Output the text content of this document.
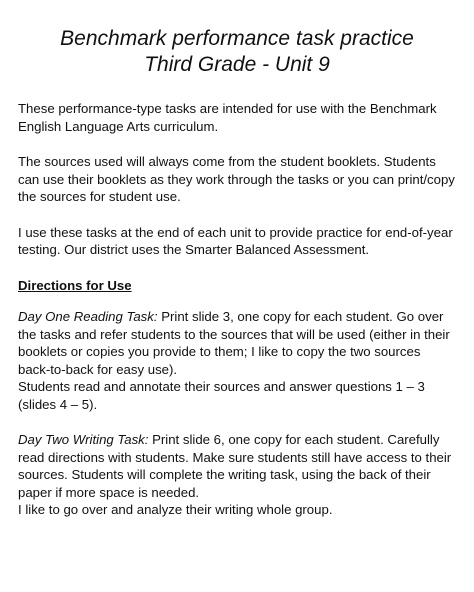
Benchmark performance task practice
Third Grade - Unit 9

These performance-type tasks are intended for use with the Benchmark English Language Arts curriculum.

The sources used will always come from the student booklets. Students can use their booklets as they work through the tasks or you can print/copy the sources for student use.

I use these tasks at the end of each unit to provide practice for end-of-year testing. Our district uses the Smarter Balanced Assessment.

Directions for Use

Day One Reading Task: Print slide 3, one copy for each student. Go over the tasks and refer students to the sources that will be used (either in their booklets or copies you provide to them; I like to copy the two sources back-to-back for easy use).

Students read and annotate their sources and answer questions 1 – 3 (slides 4 – 5).

Day Two Writing Task: Print slide 6, one copy for each student. Carefully read directions with students. Make sure students still have access to their sources. Students will complete the writing task, using the back of their paper if more space is needed.

I like to go over and analyze their writing whole group.
